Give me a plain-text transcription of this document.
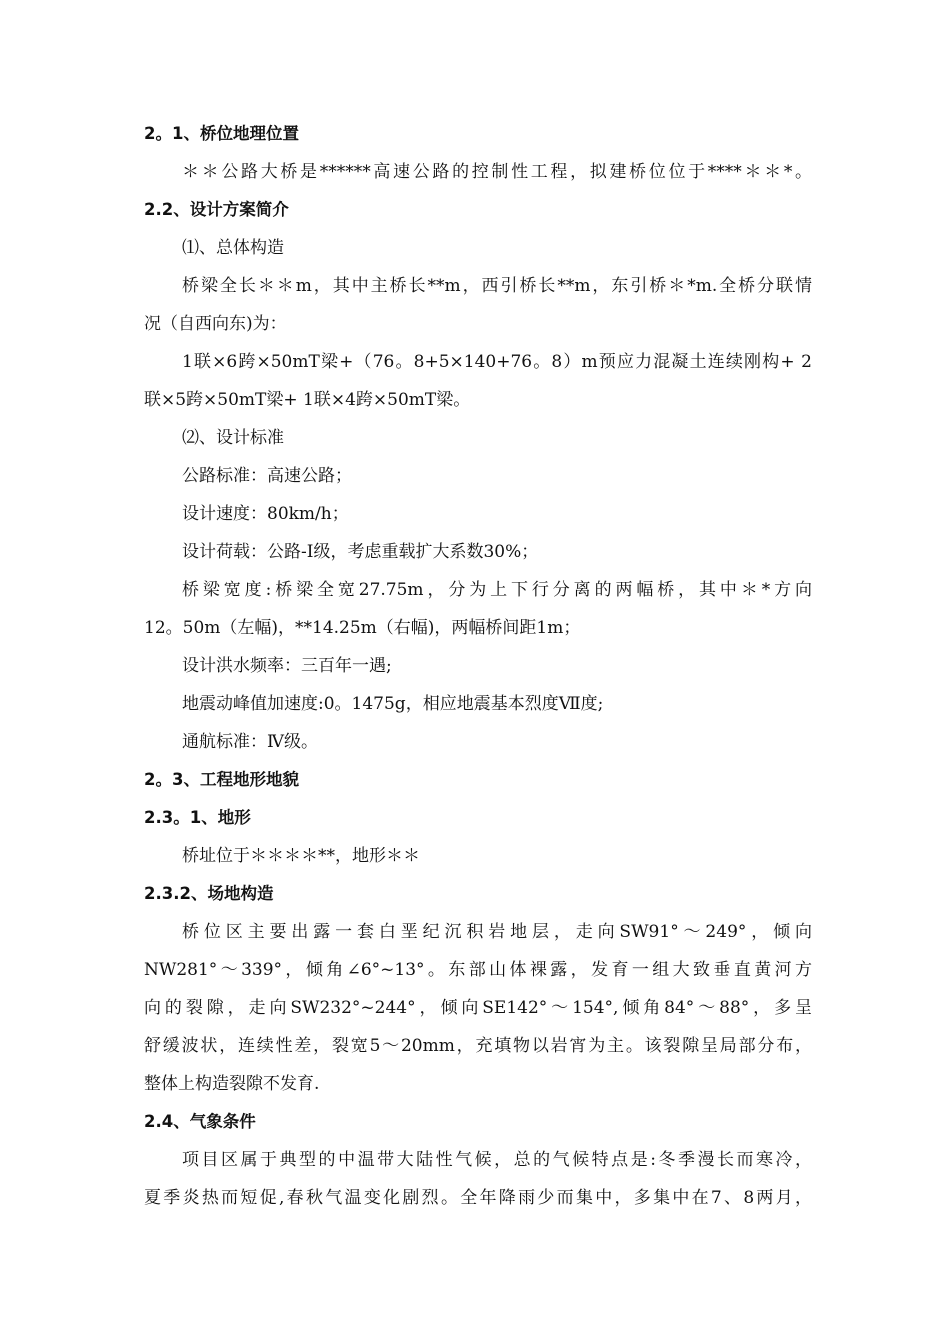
2。1、桥位地理位置
＊＊公路大桥是******高速公路的控制性工程，拟建桥位位于****＊＊*。
2.2、设计方案简介
⑴、总体构造
桥梁全长＊＊m，其中主桥长**m，西引桥长**m，东引桥＊*m.全桥分联情
况（自西向东)为：
1联×6跨×50mT梁+（76。8+5×140+76。8）m预应力混凝土连续刚构+ 2
联×5跨×50mT梁+ 1联×4跨×50mT梁。
⑵、设计标准
公路标准：高速公路；
设计速度：80km/h；
设计荷载：公路-Ⅰ级，考虑重载扩大系数30%；
桥梁宽度:桥梁全宽27.75m，分为上下行分离的两幅桥，其中＊*方向
12。50m（左幅)，**14.25m（右幅)，两幅桥间距1m；
设计洪水频率：三百年一遇;
地震动峰值加速度:0。1475g，相应地震基本烈度Ⅶ度;
通航标准：Ⅳ级。
2。3、工程地形地貌
2.3。1、地形
桥址位于＊＊＊＊**，地形＊＊
2.3.2、场地构造
桥位区主要出露一套白垩纪沉积岩地层，走向SW91°～249°，倾向
NW281°～339°，倾角∠6°~13°。东部山体裸露，发育一组大致垂直黄河方
向的裂隙，走向SW232°~244°，倾向SE142°～154°,倾角84°～88°，多呈
舒缓波状，连续性差，裂宽5～20mm，充填物以岩宵为主。该裂隙呈局部分布，
整体上构造裂隙不发育.
2.4、气象条件
项目区属于典型的中温带大陆性气候，总的气候特点是:冬季漫长而寒冷，
夏季炎热而短促,春秋气温变化剧烈。全年降雨少而集中，多集中在7、8两月，
